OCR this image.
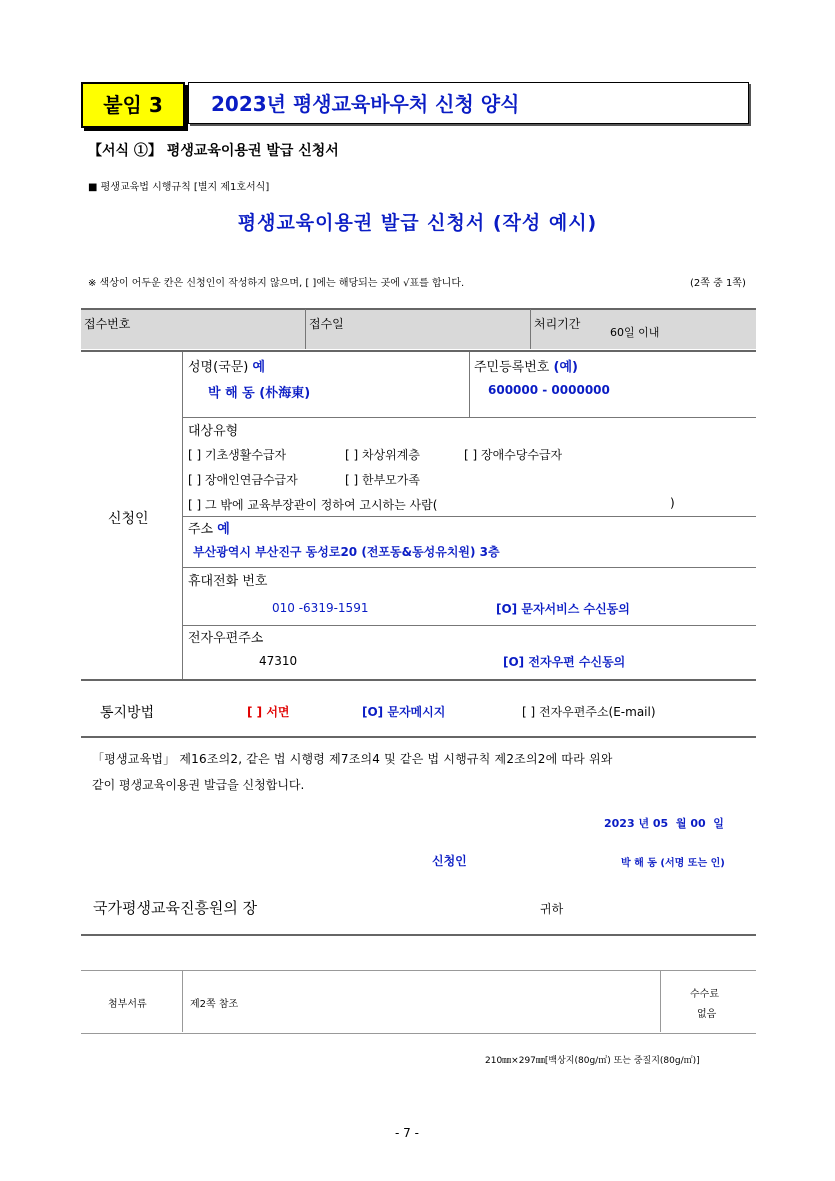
붙임 3	2023년 평생교육바우처 신청 양식
【서식 ①】 평생교육이용권 발급 신청서
■ 평생교육법 시행규칙 [별지 제1호서식]
평생교육이용권 발급 신청서 (작성 예시)
※ 색상이 어두운 칸은 신청인이 작성하지 않으며, [ ]에는 해당되는 곳에 √표를 합니다.	(2쪽 중 1쪽)
접수번호	접수일	처리기간
60일 이내
신청인
성명(국문) 예
박 해 동 (朴海東)
주민등록번호 (예)
600000 - 0000000
대상유형
[ ] 기초생활수급자	[ ] 차상위계층	[ ] 장애수당수급자
[ ] 장애인연금수급자	[ ] 한부모가족
[ ] 그 밖에 교육부장관이 정하여 고시하는 사람(	)
주소 예
부산광역시 부산진구 동성로20 (전포동&동성유치원) 3층
휴대전화 번호
010 -6319-1591	[O] 문자서비스 수신동의
전자우편주소
47310	[O] 전자우편 수신동의
통지방법	[ ] 서면	[O] 문자메시지	[ ] 전자우편주소(E-mail)
「평생교육법」 제16조의2, 같은 법 시행령 제7조의4 및 같은 법 시행규칙 제2조의2에 따라 위와
같이 평생교육이용권 발급을 신청합니다.
2023 년 05  월 00  일
신청인	박 해 동 (서명 또는 인)
국가평생교육진흥원의 장	귀하
첨부서류	제2쪽 참조
수수료
없음
210㎜×297㎜[백상지(80g/㎡) 또는 중질지(80g/㎡)]
- 7 -
